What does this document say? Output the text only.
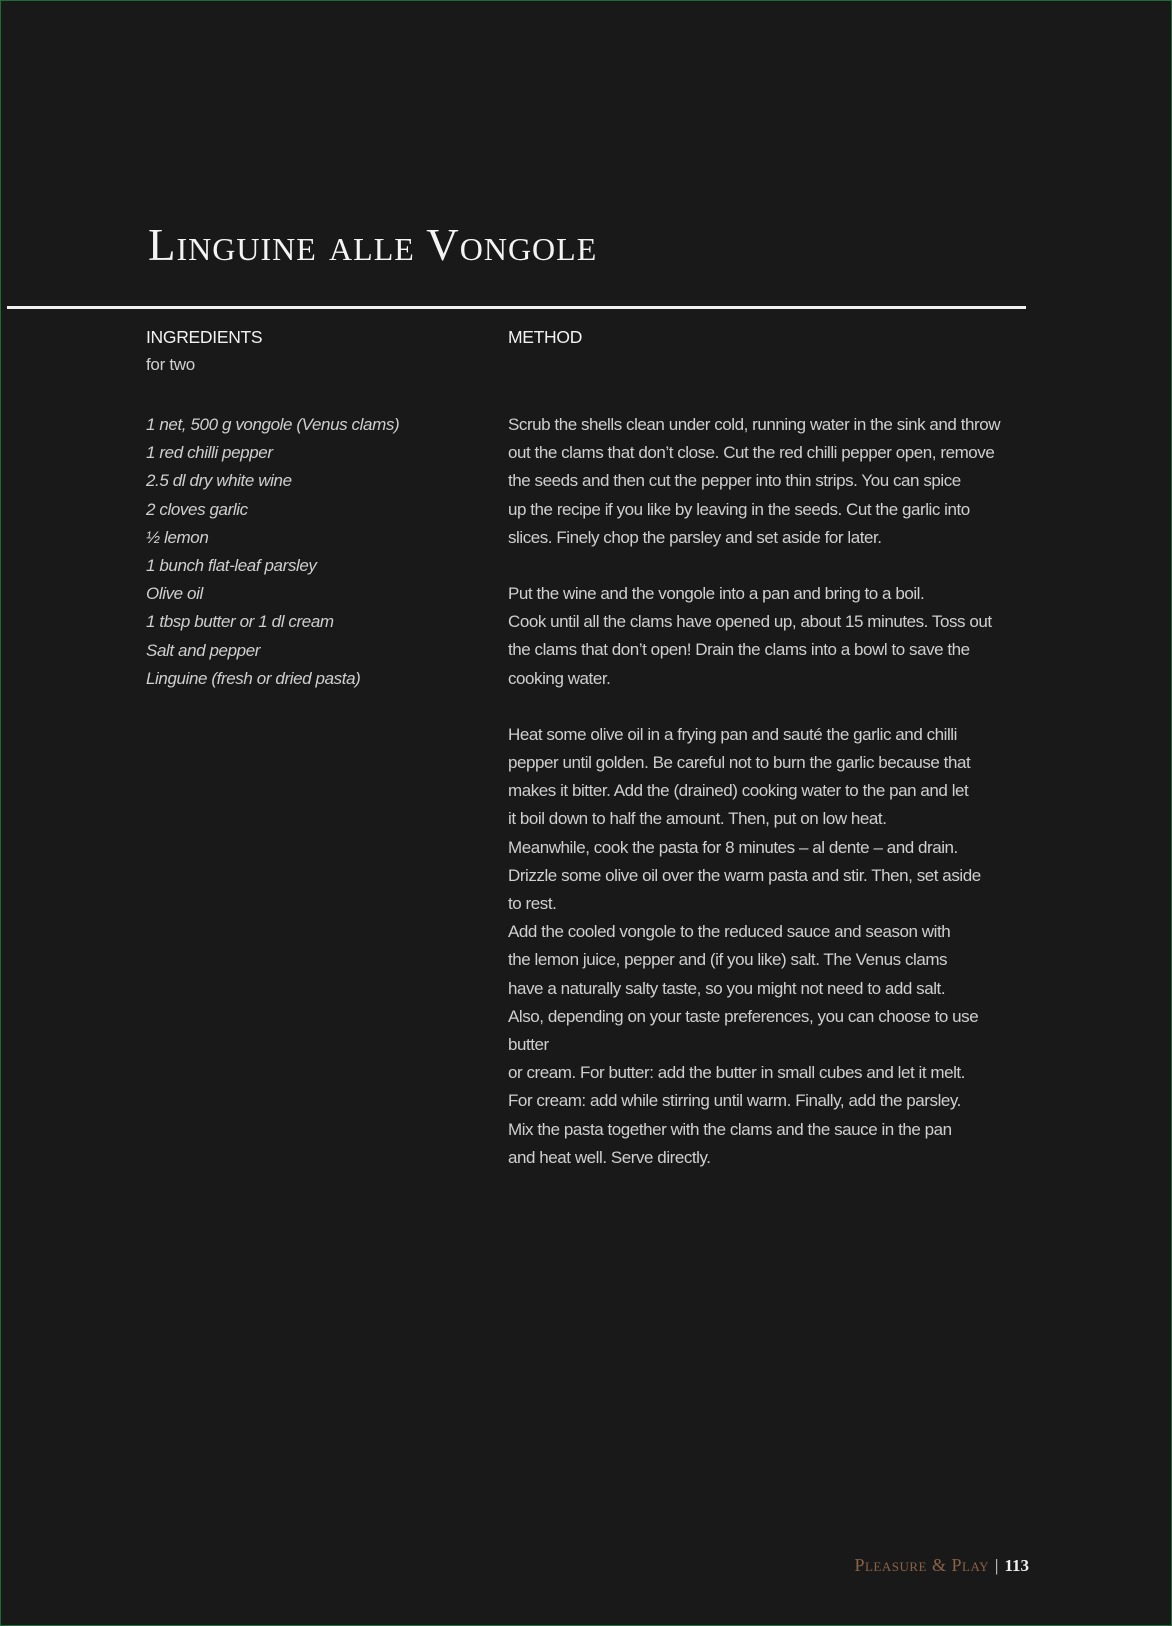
Linguine alle Vongole
INGREDIENTS
for two
1 net, 500 g vongole (Venus clams)
1 red chilli pepper
2.5 dl dry white wine
2 cloves garlic
½ lemon
1 bunch flat-leaf parsley
Olive oil
1 tbsp butter or 1 dl cream
Salt and pepper
Linguine (fresh or dried pasta)
METHOD

Scrub the shells clean under cold, running water in the sink and throw
out the clams that don’t close. Cut the red chilli pepper open, remove
the seeds and then cut the pepper into thin strips. You can spice
up the recipe if you like by leaving in the seeds. Cut the garlic into
slices. Finely chop the parsley and set aside for later.

Put the wine and the vongole into a pan and bring to a boil.
Cook until all the clams have opened up, about 15 minutes. Toss out
the clams that don’t open! Drain the clams into a bowl to save the
cooking water.

Heat some olive oil in a frying pan and sauté the garlic and chilli
pepper until golden. Be careful not to burn the garlic because that
makes it bitter. Add the (drained) cooking water to the pan and let
it boil down to half the amount. Then, put on low heat.
Meanwhile, cook the pasta for 8 minutes – al dente – and drain.
Drizzle some olive oil over the warm pasta and stir. Then, set aside
to rest.
Add the cooled vongole to the reduced sauce and season with
the lemon juice, pepper and (if you like) salt. The Venus clams
have a naturally salty taste, so you might not need to add salt.
Also, depending on your taste preferences, you can choose to use
butter
or cream. For butter: add the butter in small cubes and let it melt.
For cream: add while stirring until warm. Finally, add the parsley.
Mix the pasta together with the clams and the sauce in the pan
and heat well. Serve directly.

Pleasure & Play | 113
